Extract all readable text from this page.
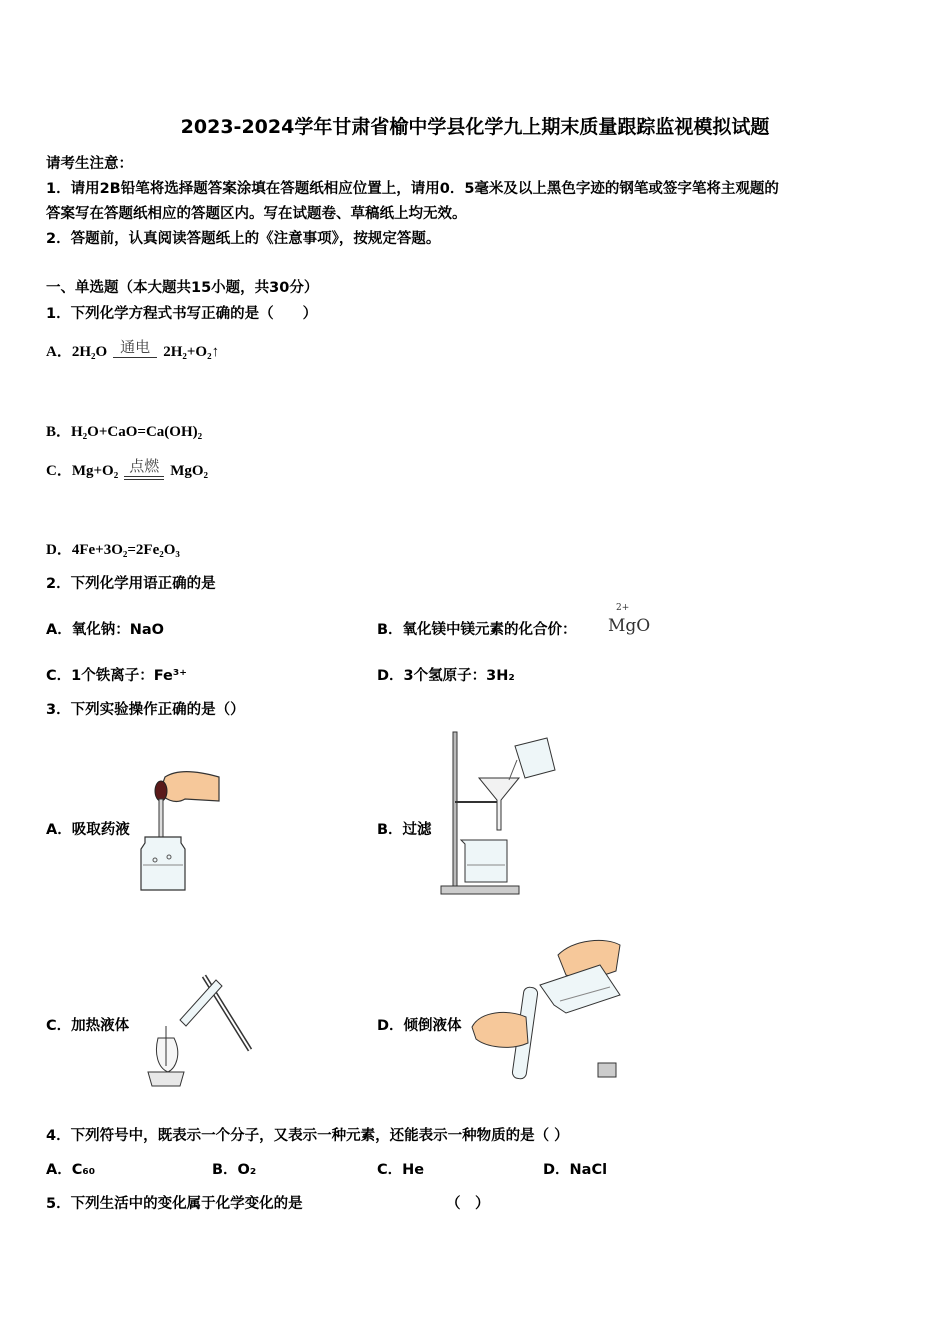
2023-2024学年甘肃省榆中学县化学九上期末质量跟踪监视模拟试题
请考生注意：
1．请用2B铅笔将选择题答案涂填在答题纸相应位置上，请用0．5毫米及以上黑色字迹的钢笔或签字笔将主观题的
答案写在答题纸相应的答题区内。写在试题卷、草稿纸上均无效。
2．答题前，认真阅读答题纸上的《注意事项》，按规定答题。
一、单选题（本大题共15小题，共30分）
1．下列化学方程式书写正确的是（　　）
A． 2H₂O 通电 2H₂+O₂↑
B．H₂O+CaO=Ca(OH)₂
C． Mg+O₂ 点燃 MgO₂
D．4Fe+3O₂=2Fe₂O₃
2．下列化学用语正确的是
A．氧化钠：NaO	B．氧化镁中镁元素的化合价：
2+
MgO
C．1个铁离子：Fe³⁺	D．3个氢原子：3H₂
3．下列实验操作正确的是（）
A．吸取药液	B．过滤
C．加热液体	D．倾倒液体
4．下列符号中，既表示一个分子，又表示一种元素，还能表示一种物质的是（ ）
A．C₆₀	B．O₂	C．He	D．NaCl
5．下列生活中的变化属于化学变化的是	（　）
